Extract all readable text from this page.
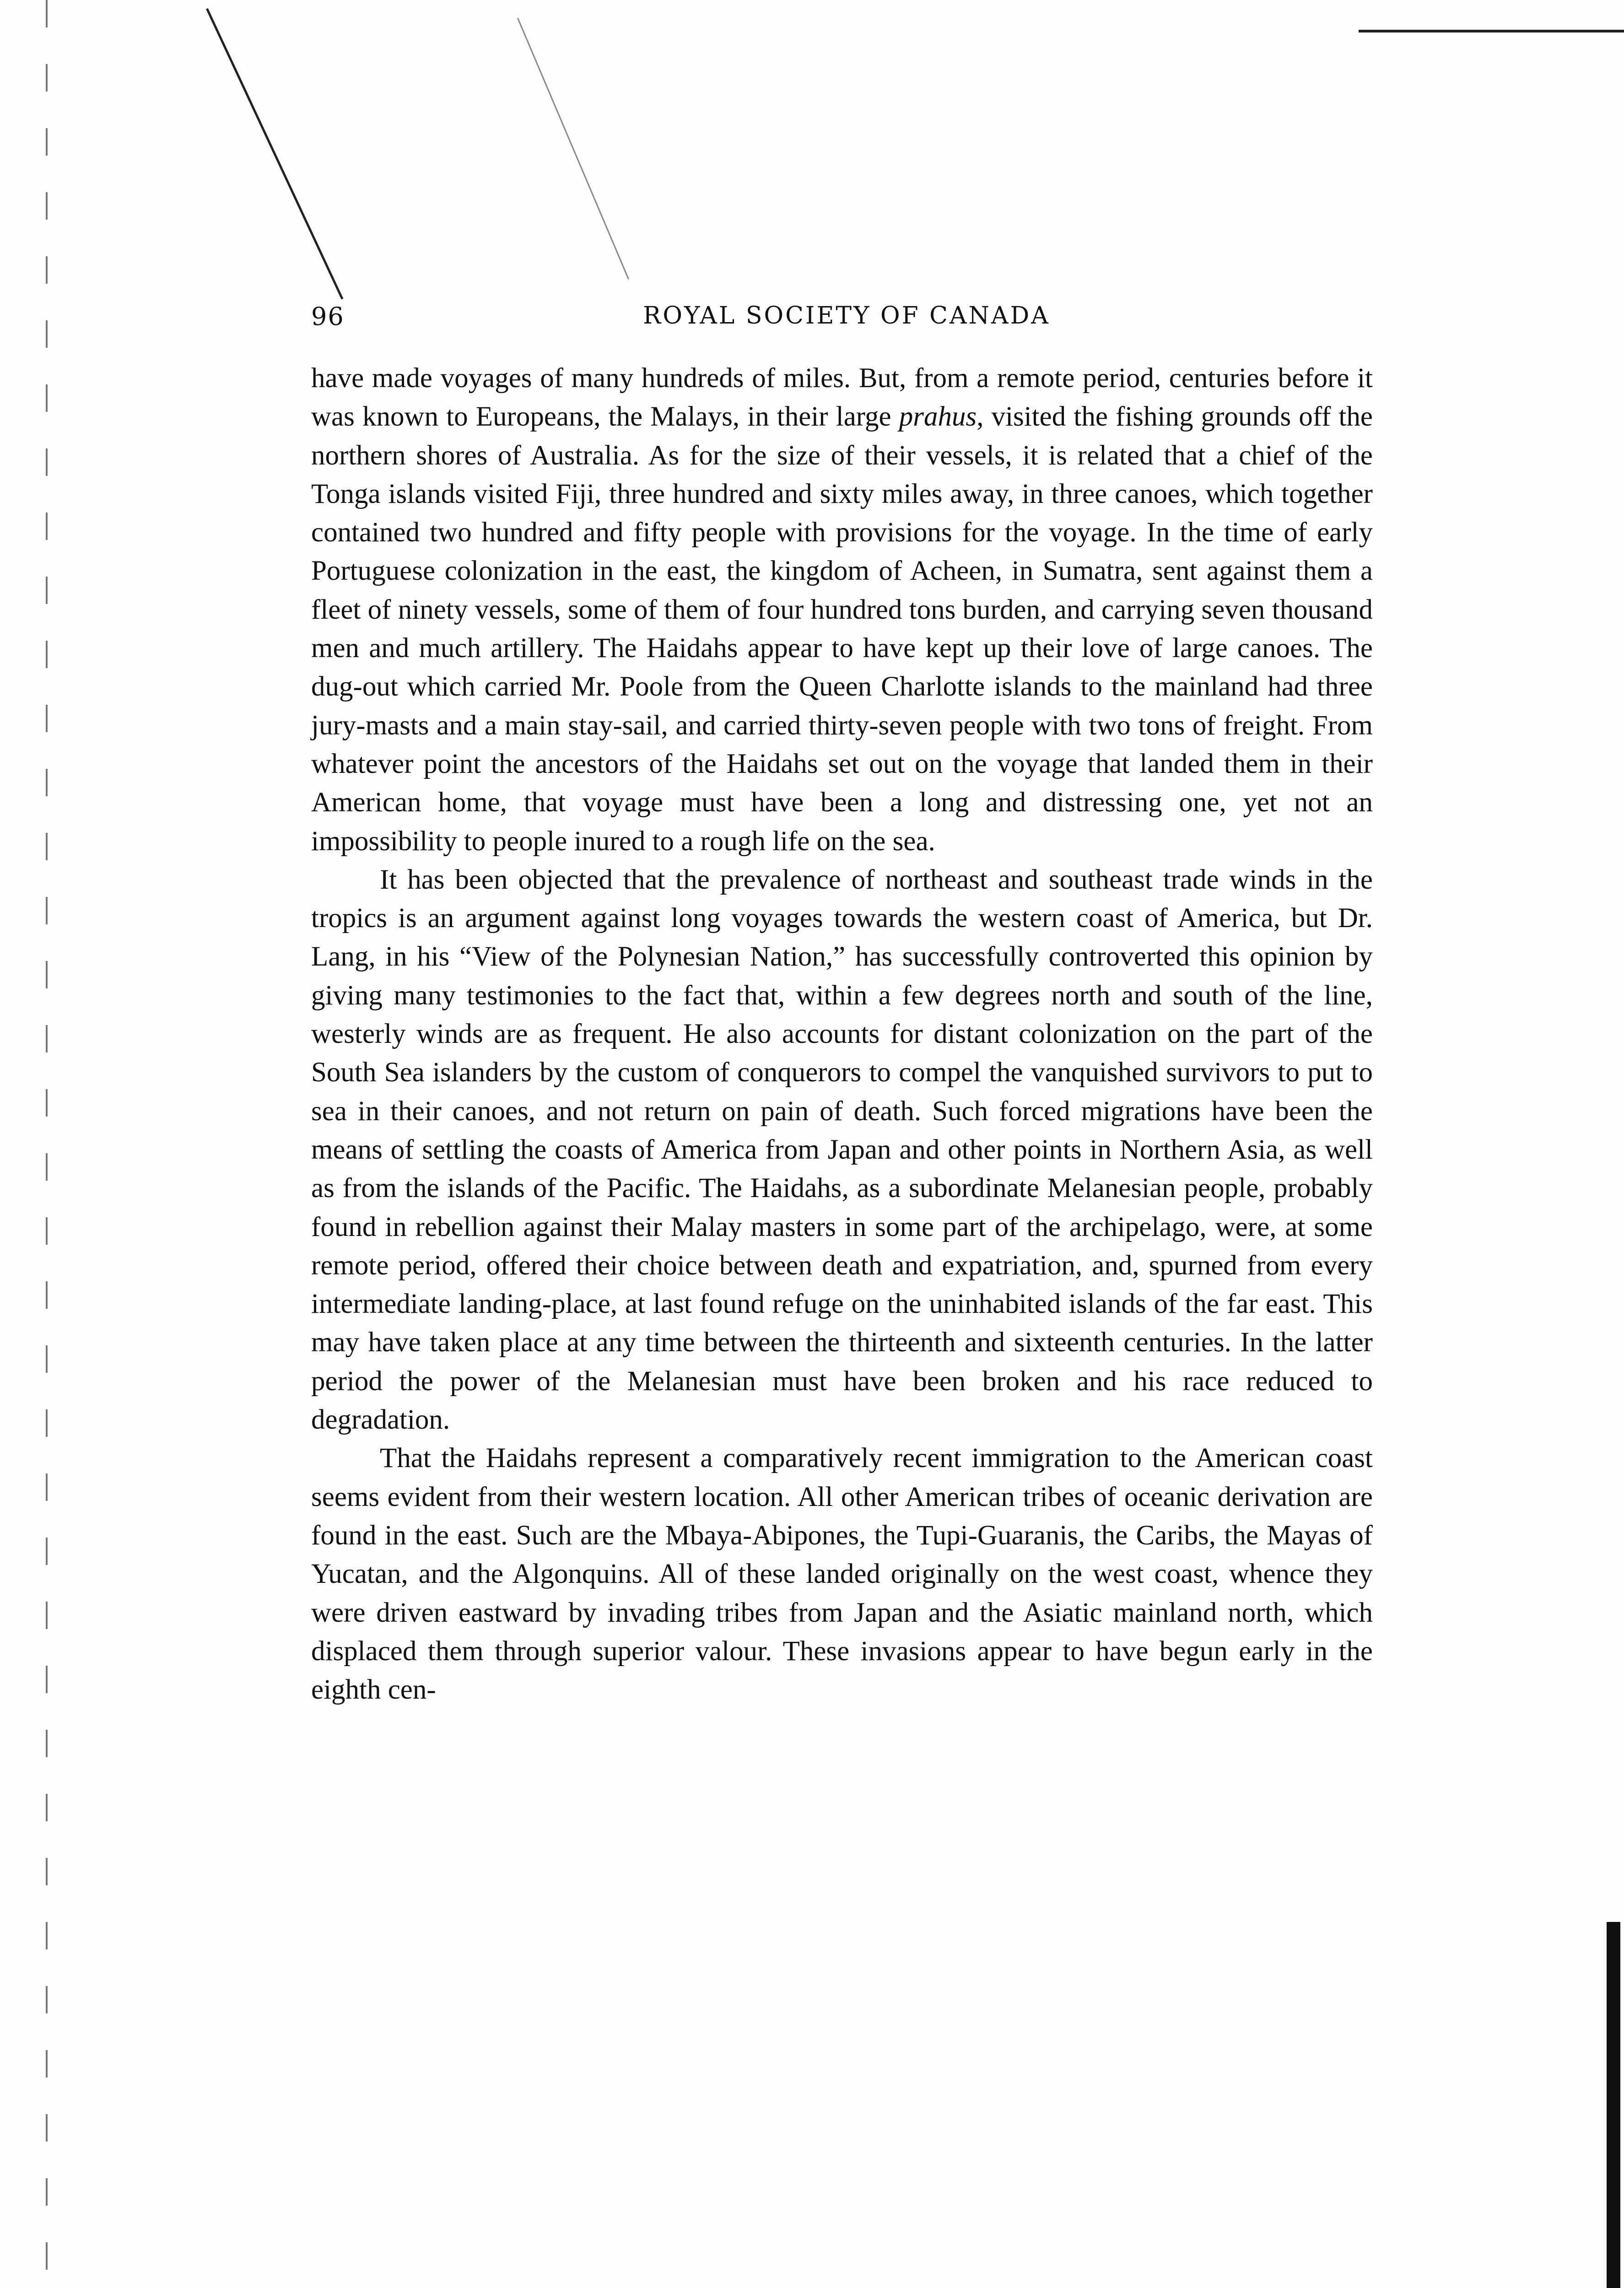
96	ROYAL SOCIETY OF CANADA

have made voyages of many hundreds of miles. But, from a remote period, centuries before it was known to Europeans, the Malays, in their large prahus, visited the fishing grounds off the northern shores of Australia. As for the size of their vessels, it is related that a chief of the Tonga islands visited Fiji, three hundred and sixty miles away, in three canoes, which together contained two hundred and fifty people with provisions for the voyage. In the time of early Portuguese colonization in the east, the kingdom of Acheen, in Sumatra, sent against them a fleet of ninety vessels, some of them of four hundred tons burden, and carrying seven thousand men and much artillery. The Haidahs appear to have kept up their love of large canoes. The dug-out which carried Mr. Poole from the Queen Charlotte islands to the mainland had three jury-masts and a main stay-sail, and carried thirty-seven people with two tons of freight. From whatever point the ancestors of the Haidahs set out on the voyage that landed them in their American home, that voyage must have been a long and distressing one, yet not an impossibility to people inured to a rough life on the sea.

It has been objected that the prevalence of northeast and southeast trade winds in the tropics is an argument against long voyages towards the western coast of America, but Dr. Lang, in his “View of the Polynesian Nation,” has successfully controverted this opinion by giving many testimonies to the fact that, within a few degrees north and south of the line, westerly winds are as frequent. He also accounts for distant colonization on the part of the South Sea islanders by the custom of conquerors to compel the vanquished survivors to put to sea in their canoes, and not return on pain of death. Such forced migrations have been the means of settling the coasts of America from Japan and other points in Northern Asia, as well as from the islands of the Pacific. The Haidahs, as a subordinate Melanesian people, probably found in rebellion against their Malay masters in some part of the archipelago, were, at some remote period, offered their choice between death and expatriation, and, spurned from every intermediate landing-place, at last found refuge on the uninhabited islands of the far east. This may have taken place at any time between the thirteenth and sixteenth centuries. In the latter period the power of the Melanesian must have been broken and his race reduced to degradation.

That the Haidahs represent a comparatively recent immigration to the American coast seems evident from their western location. All other American tribes of oceanic derivation are found in the east. Such are the Mbaya-Abipones, the Tupi-Guaranis, the Caribs, the Mayas of Yucatan, and the Algonquins. All of these landed originally on the west coast, whence they were driven eastward by invading tribes from Japan and the Asiatic mainland north, which displaced them through superior valour. These invasions appear to have begun early in the eighth cen-
